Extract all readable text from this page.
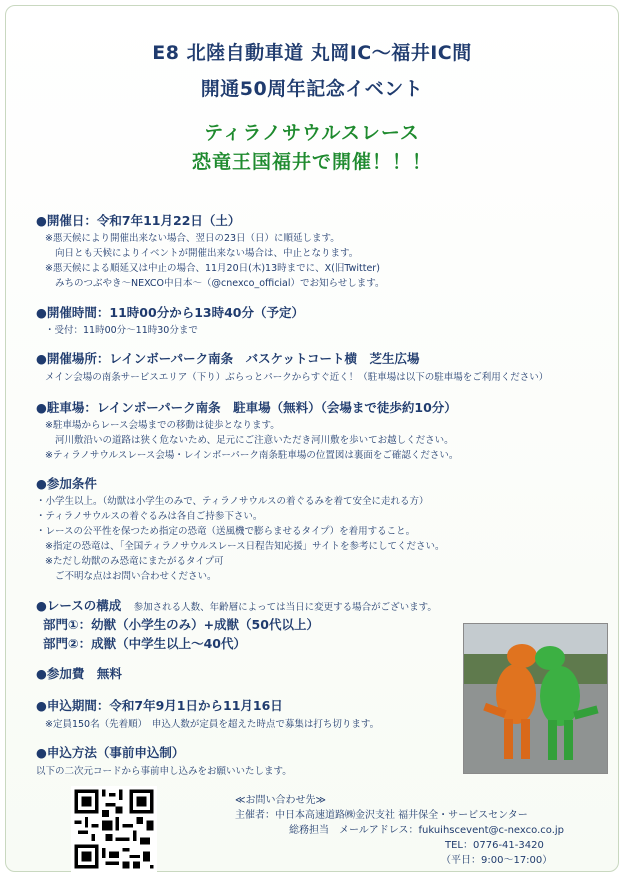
E8 北陸自動車道 丸岡IC～福井IC間
開通50周年記念イベント
ティラノサウルスレース
恐竜王国福井で開催！！！
●開催日：令和7年11月22日（土）
※悪天候により開催出来ない場合、翌日の23日（日）に順延します。
向日とも天候によりイベントが開催出来ない場合は、中止となります。
※悪天候による順延又は中止の場合、11月20日(木)13時までに、X(旧Twitter)
みちのつぶやき～NEXCO中日本～（@cnexco_official）でお知らせします。
●開催時間：11時00分から13時40分（予定）
・受付：11時00分～11時30分まで
●開催場所：レインボーパーク南条　バスケットコート横　芝生広場
メイン会場の南条サービスエリア（下り）ぶらっとパークからすぐ近く！（駐車場は以下の駐車場をご利用ください）
●駐車場：レインボーパーク南条　駐車場（無料）（会場まで徒歩約10分）
※駐車場からレース会場までの移動は徒歩となります。
河川敷沿いの道路は狭く危ないため、足元にご注意いただき河川敷を歩いてお越しください。
※ティラノサウルスレース会場・レインボーパーク南条駐車場の位置図は裏面をご確認ください。
●参加条件
・小学生以上。（幼獣は小学生のみで、ティラノサウルスの着ぐるみを着て安全に走れる方）
・ティラノサウルスの着ぐるみは各自ご持参下さい。
・レースの公平性を保つため指定の恐竜（送風機で膨らませるタイプ）を着用すること。
※指定の恐竜は、「全国ティラノサウルスレース日程告知応援」サイトを参考にしてください。
※ただし幼獣のみ恐竜にまたがるタイプ可
ご不明な点はお問い合わせください。
●レースの構成 参加される人数、年齢層によっては当日に変更する場合がございます。
部門①：幼獣（小学生のみ）+成獣（50代以上）
部門②：成獣（中学生以上～40代）
●参加費　無料
●申込期間：令和7年9月1日から11月16日
※定員150名（先着順）　申込人数が定員を超えた時点で募集は打ち切ります。
●申込方法（事前申込制）
以下の二次元コードから事前申し込みをお願いいたします。
≪お問い合わせ先≫
主催者：中日本高速道路㈱金沢支社 福井保全・サービスセンター
総務担当　メールアドレス：fukuihscevent@c-nexco.co.jp
TEL：0776-41-3420
（平日：9:00～17:00）
